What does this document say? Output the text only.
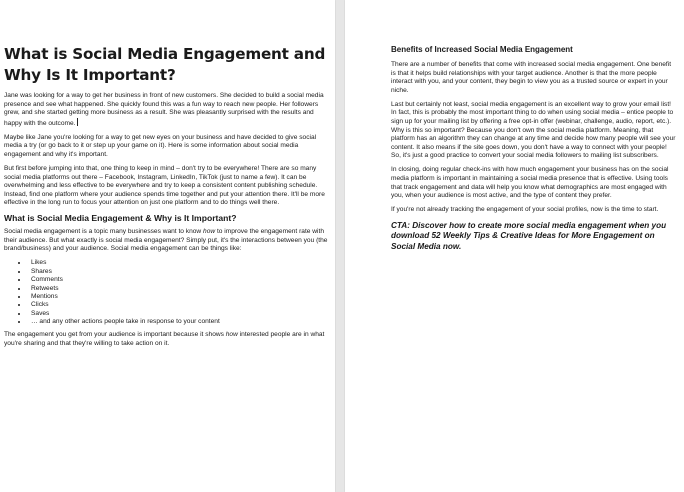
What is Social Media Engagement and Why Is It Important?

Jane was looking for a way to get her business in front of new customers. She decided to build a social media presence and see what happened. She quickly found this was a fun way to reach new people. Her followers grew, and she started getting more business as a result. She was pleasantly surprised with the results and happy with the outcome.

Maybe like Jane you're looking for a way to get new eyes on your business and have decided to give social media a try (or go back to it or step up your game on it). Here is some information about social media engagement and why it's important.

But first before jumping into that, one thing to keep in mind – don't try to be everywhere! There are so many social media platforms out there – Facebook, Instagram, LinkedIn, TikTok (just to name a few). It can be overwhelming and less effective to be everywhere and try to keep a consistent content publishing schedule. Instead, find one platform where your audience spends time together and put your attention there. It'll be more effective in the long run to focus your attention on just one platform and to do things well there.

What is Social Media Engagement & Why is It Important?

Social media engagement is a topic many businesses want to know how to improve the engagement rate with their audience. But what exactly is social media engagement? Simply put, it's the interactions between you (the brand/business) and your audience. Social media engagement can be things like:

• Likes
• Shares
• Comments
• Retweets
• Mentions
• Clicks
• Saves
• … and any other actions people take in response to your content

The engagement you get from your audience is important because it shows how interested people are in what you're sharing and that they're willing to take action on it.

Benefits of Increased Social Media Engagement

There are a number of benefits that come with increased social media engagement. One benefit is that it helps build relationships with your target audience. Another is that the more people interact with you, and your content, they begin to view you as a trusted source or expert in your niche.

Last but certainly not least, social media engagement is an excellent way to grow your email list! In fact, this is probably the most important thing to do when using social media – entice people to sign up for your mailing list by offering a free opt-in offer (webinar, challenge, audio, report, etc.). Why is this so important? Because you don't own the social media platform. Meaning, that platform has an algorithm they can change at any time and decide how many people will see your content. It also means if the site goes down, you don't have a way to connect with your people! So, it's just a good practice to convert your social media followers to mailing list subscribers.

In closing, doing regular check-ins with how much engagement your business has on the social media platform is important in maintaining a social media presence that is effective. Using tools that track engagement and data will help you know what demographics are most engaged with you, when your audience is most active, and the type of content they prefer.

If you're not already tracking the engagement of your social profiles, now is the time to start.

CTA: Discover how to create more social media engagement when you download 52 Weekly Tips & Creative Ideas for More Engagement on Social Media now.
